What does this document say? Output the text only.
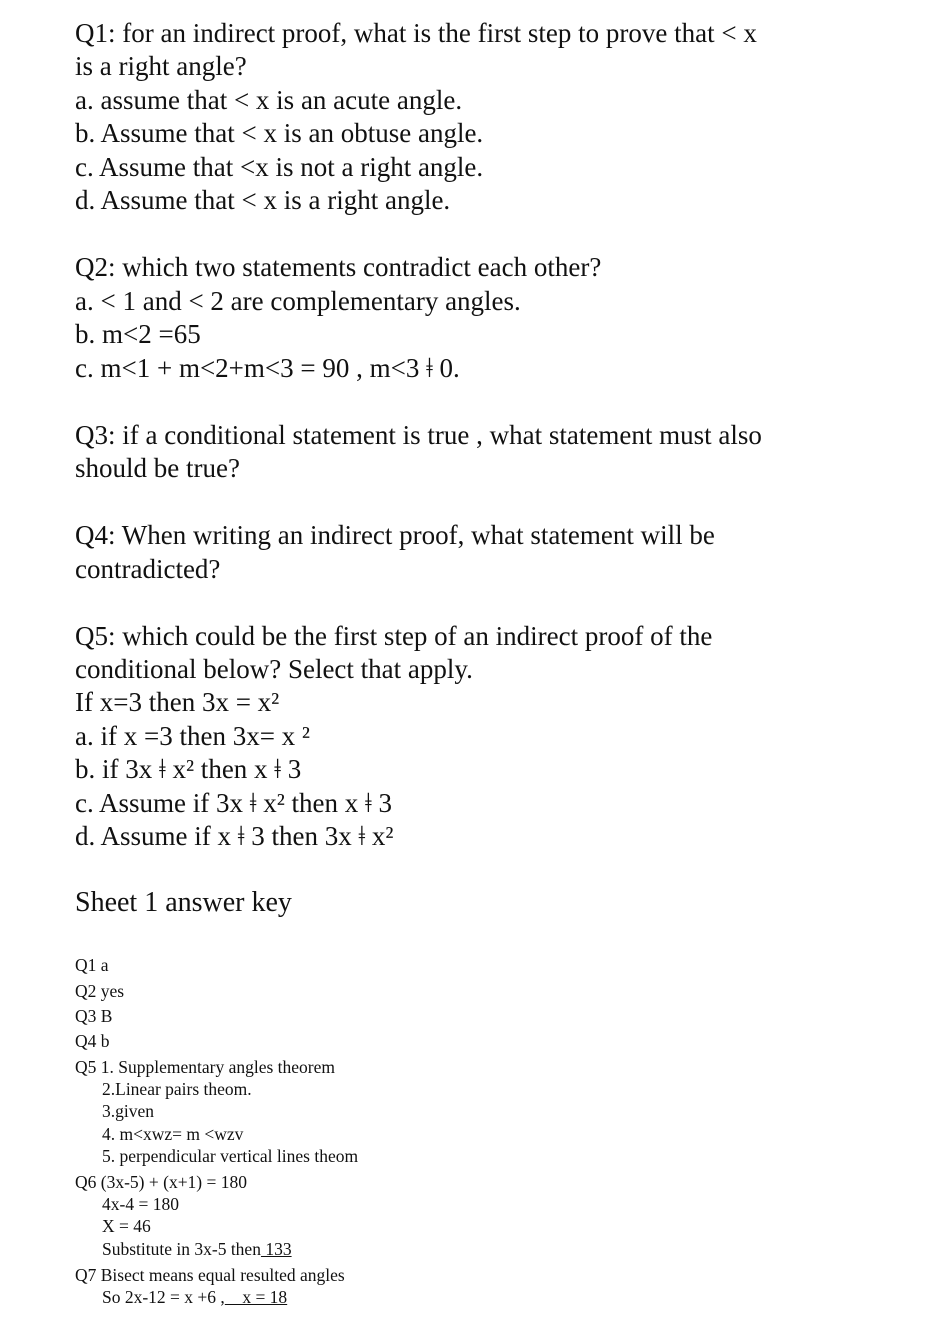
Q1: for an indirect proof, what is the first step to prove that < x
is a right angle?
a. assume that < x is an acute angle.
b. Assume that < x is an obtuse angle.
c. Assume that <x is not a right angle.
d. Assume that < x is a right angle.
Q2: which two statements contradict each other?
a. < 1 and < 2 are complementary angles.
b. m<2 =65
c. m<1 + m<2+m<3 = 90 , m<3 ǂ 0.
Q3: if a conditional statement is true , what statement must also
should be true?
Q4: When writing an indirect proof, what statement will be
contradicted?
Q5: which could be the first step of an indirect proof of the
conditional below? Select that apply.
If x=3 then 3x = x²
a. if x =3 then 3x= x ²
b. if 3x ǂ x² then x ǂ 3
c. Assume if 3x ǂ x² then x ǂ 3
d. Assume if x ǂ 3 then 3x ǂ x²
Sheet 1 answer key
Q1 a
Q2 yes
Q3 B
Q4 b
Q5 1. Supplementary angles theorem
2.Linear pairs theom.
3.given
4. m<xwz= m <wzv
5. perpendicular vertical lines theom
Q6 (3x-5) + (x+1) = 180
4x-4 = 180
X = 46
Substitute in 3x-5 then 133
Q7 Bisect means equal resulted angles
So 2x-12 = x +6 ,    x = 18
